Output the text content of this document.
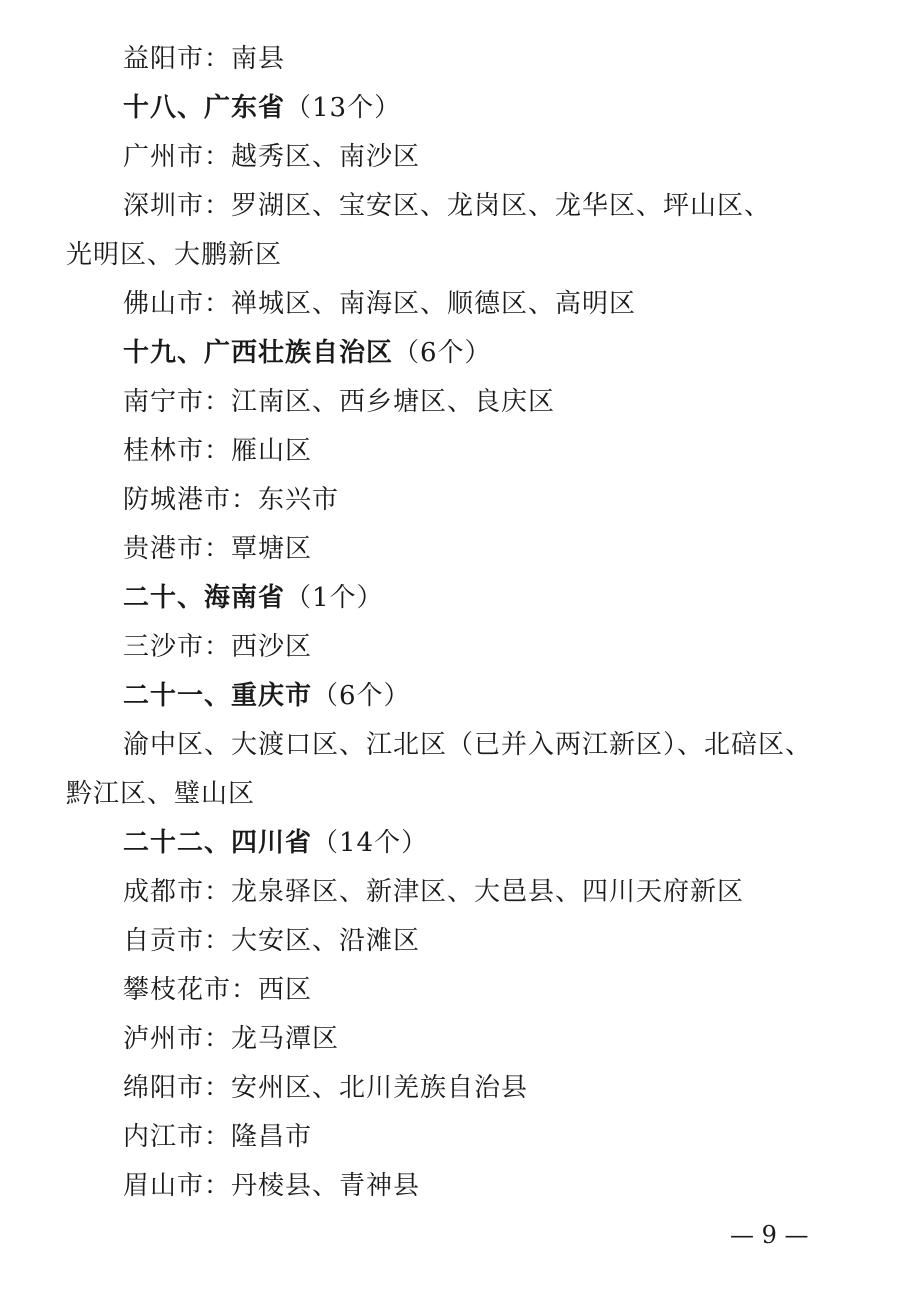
益阳市：南县
十八、广东省（13个）
广州市：越秀区、南沙区
深圳市：罗湖区、宝安区、龙岗区、龙华区、坪山区、
光明区、大鹏新区
佛山市：禅城区、南海区、顺德区、高明区
十九、广西壮族自治区（6个）
南宁市：江南区、西乡塘区、良庆区
桂林市：雁山区
防城港市：东兴市
贵港市：覃塘区
二十、海南省（1个）
三沙市：西沙区
二十一、重庆市（6个）
渝中区、大渡口区、江北区（已并入两江新区）、北碚区、
黔江区、璧山区
二十二、四川省（14个）
成都市：龙泉驿区、新津区、大邑县、四川天府新区
自贡市：大安区、沿滩区
攀枝花市：西区
泸州市：龙马潭区
绵阳市：安州区、北川羌族自治县
内江市：隆昌市
眉山市：丹棱县、青神县
— 9 —
